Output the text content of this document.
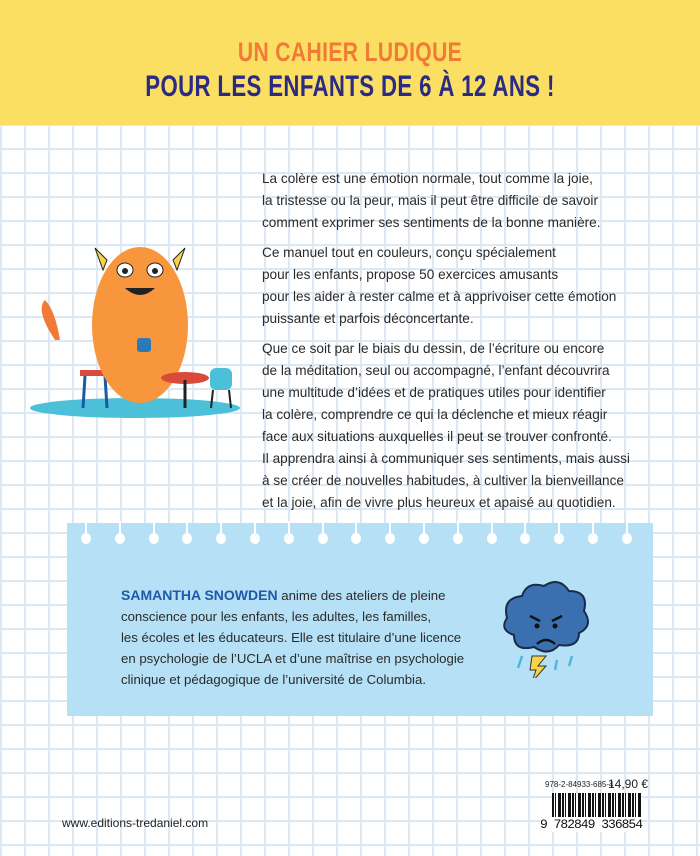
UN CAHIER LUDIQUE
POUR LES ENFANTS DE 6 À 12 ANS !

La colère est une émotion normale, tout comme la joie,
la tristesse ou la peur, mais il peut être difficile de savoir
comment exprimer ses sentiments de la bonne manière.

Ce manuel tout en couleurs, conçu spécialement
pour les enfants, propose 50 exercices amusants
pour les aider à rester calme et à apprivoiser cette émotion
puissante et parfois déconcertante.

Que ce soit par le biais du dessin, de l’écriture ou encore
de la méditation, seul ou accompagné, l’enfant découvrira
une multitude d’idées et de pratiques utiles pour identifier
la colère, comprendre ce qui la déclenche et mieux réagir
face aux situations auxquelles il peut se trouver confronté.
Il apprendra ainsi à communiquer ses sentiments, mais aussi
à se créer de nouvelles habitudes, à cultiver la bienveillance
et la joie, afin de vivre plus heureux et apaisé au quotidien.

SAMANTHA SNOWDEN anime des ateliers de pleine
conscience pour les enfants, les adultes, les familles,
les écoles et les éducateurs. Elle est titulaire d’une licence
en psychologie de l’UCLA et d’une maîtrise en psychologie
clinique et pédagogique de l’université de Columbia.
www.editions-tredaniel.com
978-2-84933-685-4
14,90 €
9 782849 336854
